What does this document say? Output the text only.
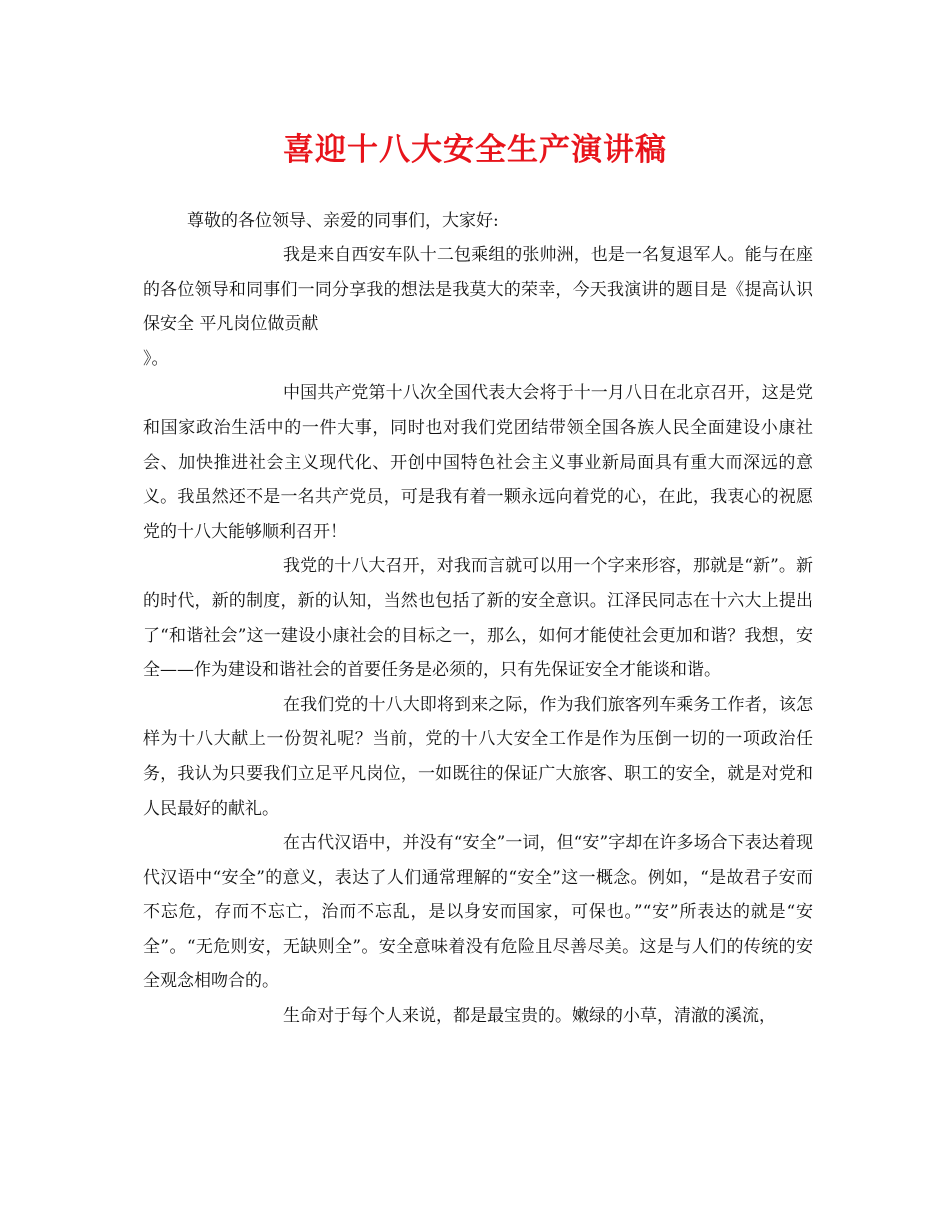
喜迎十八大安全生产演讲稿
尊敬的各位领导、亲爱的同事们，大家好:

我是来自西安车队十二包乘组的张帅洲，也是一名复退军人。能与在座的各位领导和同事们一同分享我的想法是我莫大的荣幸，今天我演讲的题目是《提高认识保安全 平凡岗位做贡献

》。

中国共产党第十八次全国代表大会将于十一月八日在北京召开，这是党和国家政治生活中的一件大事，同时也对我们党团结带领全国各族人民全面建设小康社会、加快推进社会主义现代化、开创中国特色社会主义事业新局面具有重大而深远的意义。我虽然还不是一名共产党员，可是我有着一颗永远向着党的心，在此，我衷心的祝愿党的十八大能够顺利召开！

我党的十八大召开，对我而言就可以用一个字来形容，那就是“新”。新的时代，新的制度，新的认知，当然也包括了新的安全意识。江泽民同志在十六大上提出了“和谐社会”这一建设小康社会的目标之一，那么，如何才能使社会更加和谐？我想，安全——作为建设和谐社会的首要任务是必须的，只有先保证安全才能谈和谐。

在我们党的十八大即将到来之际，作为我们旅客列车乘务工作者，该怎样为十八大献上一份贺礼呢？当前，党的十八大安全工作是作为压倒一切的一项政治任务，我认为只要我们立足平凡岗位，一如既往的保证广大旅客、职工的安全，就是对党和人民最好的献礼。

在古代汉语中，并没有“安全”一词，但“安”字却在许多场合下表达着现代汉语中“安全”的意义，表达了人们通常理解的“安全”这一概念。例如，“是故君子安而不忘危，存而不忘亡，治而不忘乱，是以身安而国家，可保也。”“安”所表达的就是“安全”。“无危则安，无缺则全”。安全意味着没有危险且尽善尽美。这是与人们的传统的安全观念相吻合的。

生命对于每个人来说，都是最宝贵的。嫩绿的小草，清澈的溪流，
